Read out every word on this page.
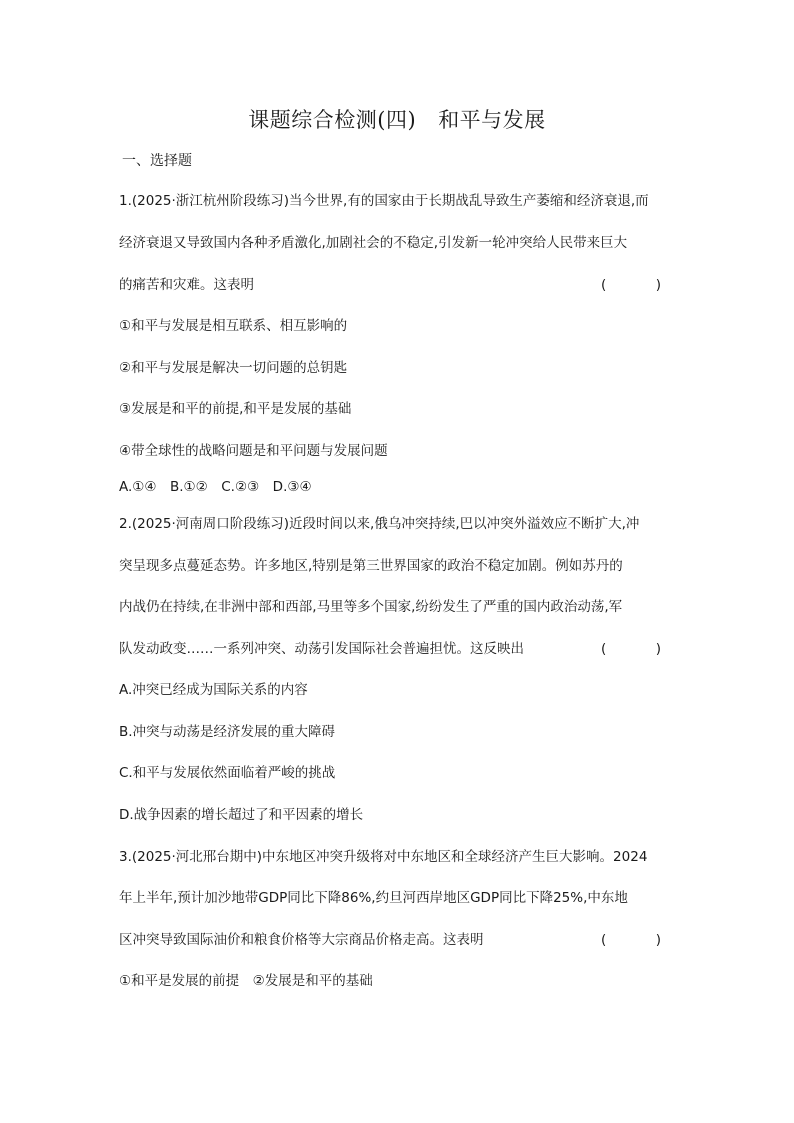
课题综合检测(四) 和平与发展
一、选择题
1.(2025·浙江杭州阶段练习)当今世界,有的国家由于长期战乱导致生产萎缩和经济衰退,而
经济衰退又导致国内各种矛盾激化,加剧社会的不稳定,引发新一轮冲突给人民带来巨大
的痛苦和灾难。这表明	(　)
①和平与发展是相互联系、相互影响的
②和平与发展是解决一切问题的总钥匙
③发展是和平的前提,和平是发展的基础
④带全球性的战略问题是和平问题与发展问题
A.①④　B.①②　C.②③　D.③④
2.(2025·河南周口阶段练习)近段时间以来,俄乌冲突持续,巴以冲突外溢效应不断扩大,冲
突呈现多点蔓延态势。许多地区,特别是第三世界国家的政治不稳定加剧。例如苏丹的
内战仍在持续,在非洲中部和西部,马里等多个国家,纷纷发生了严重的国内政治动荡,军
队发动政变……一系列冲突、动荡引发国际社会普遍担忧。这反映出	(　)
A.冲突已经成为国际关系的内容
B.冲突与动荡是经济发展的重大障碍
C.和平与发展依然面临着严峻的挑战
D.战争因素的增长超过了和平因素的增长
3.(2025·河北邢台期中)中东地区冲突升级将对中东地区和全球经济产生巨大影响。2024
年上半年,预计加沙地带GDP同比下降86%,约旦河西岸地区GDP同比下降25%,中东地
区冲突导致国际油价和粮食价格等大宗商品价格走高。这表明	(　)
①和平是发展的前提　②发展是和平的基础
